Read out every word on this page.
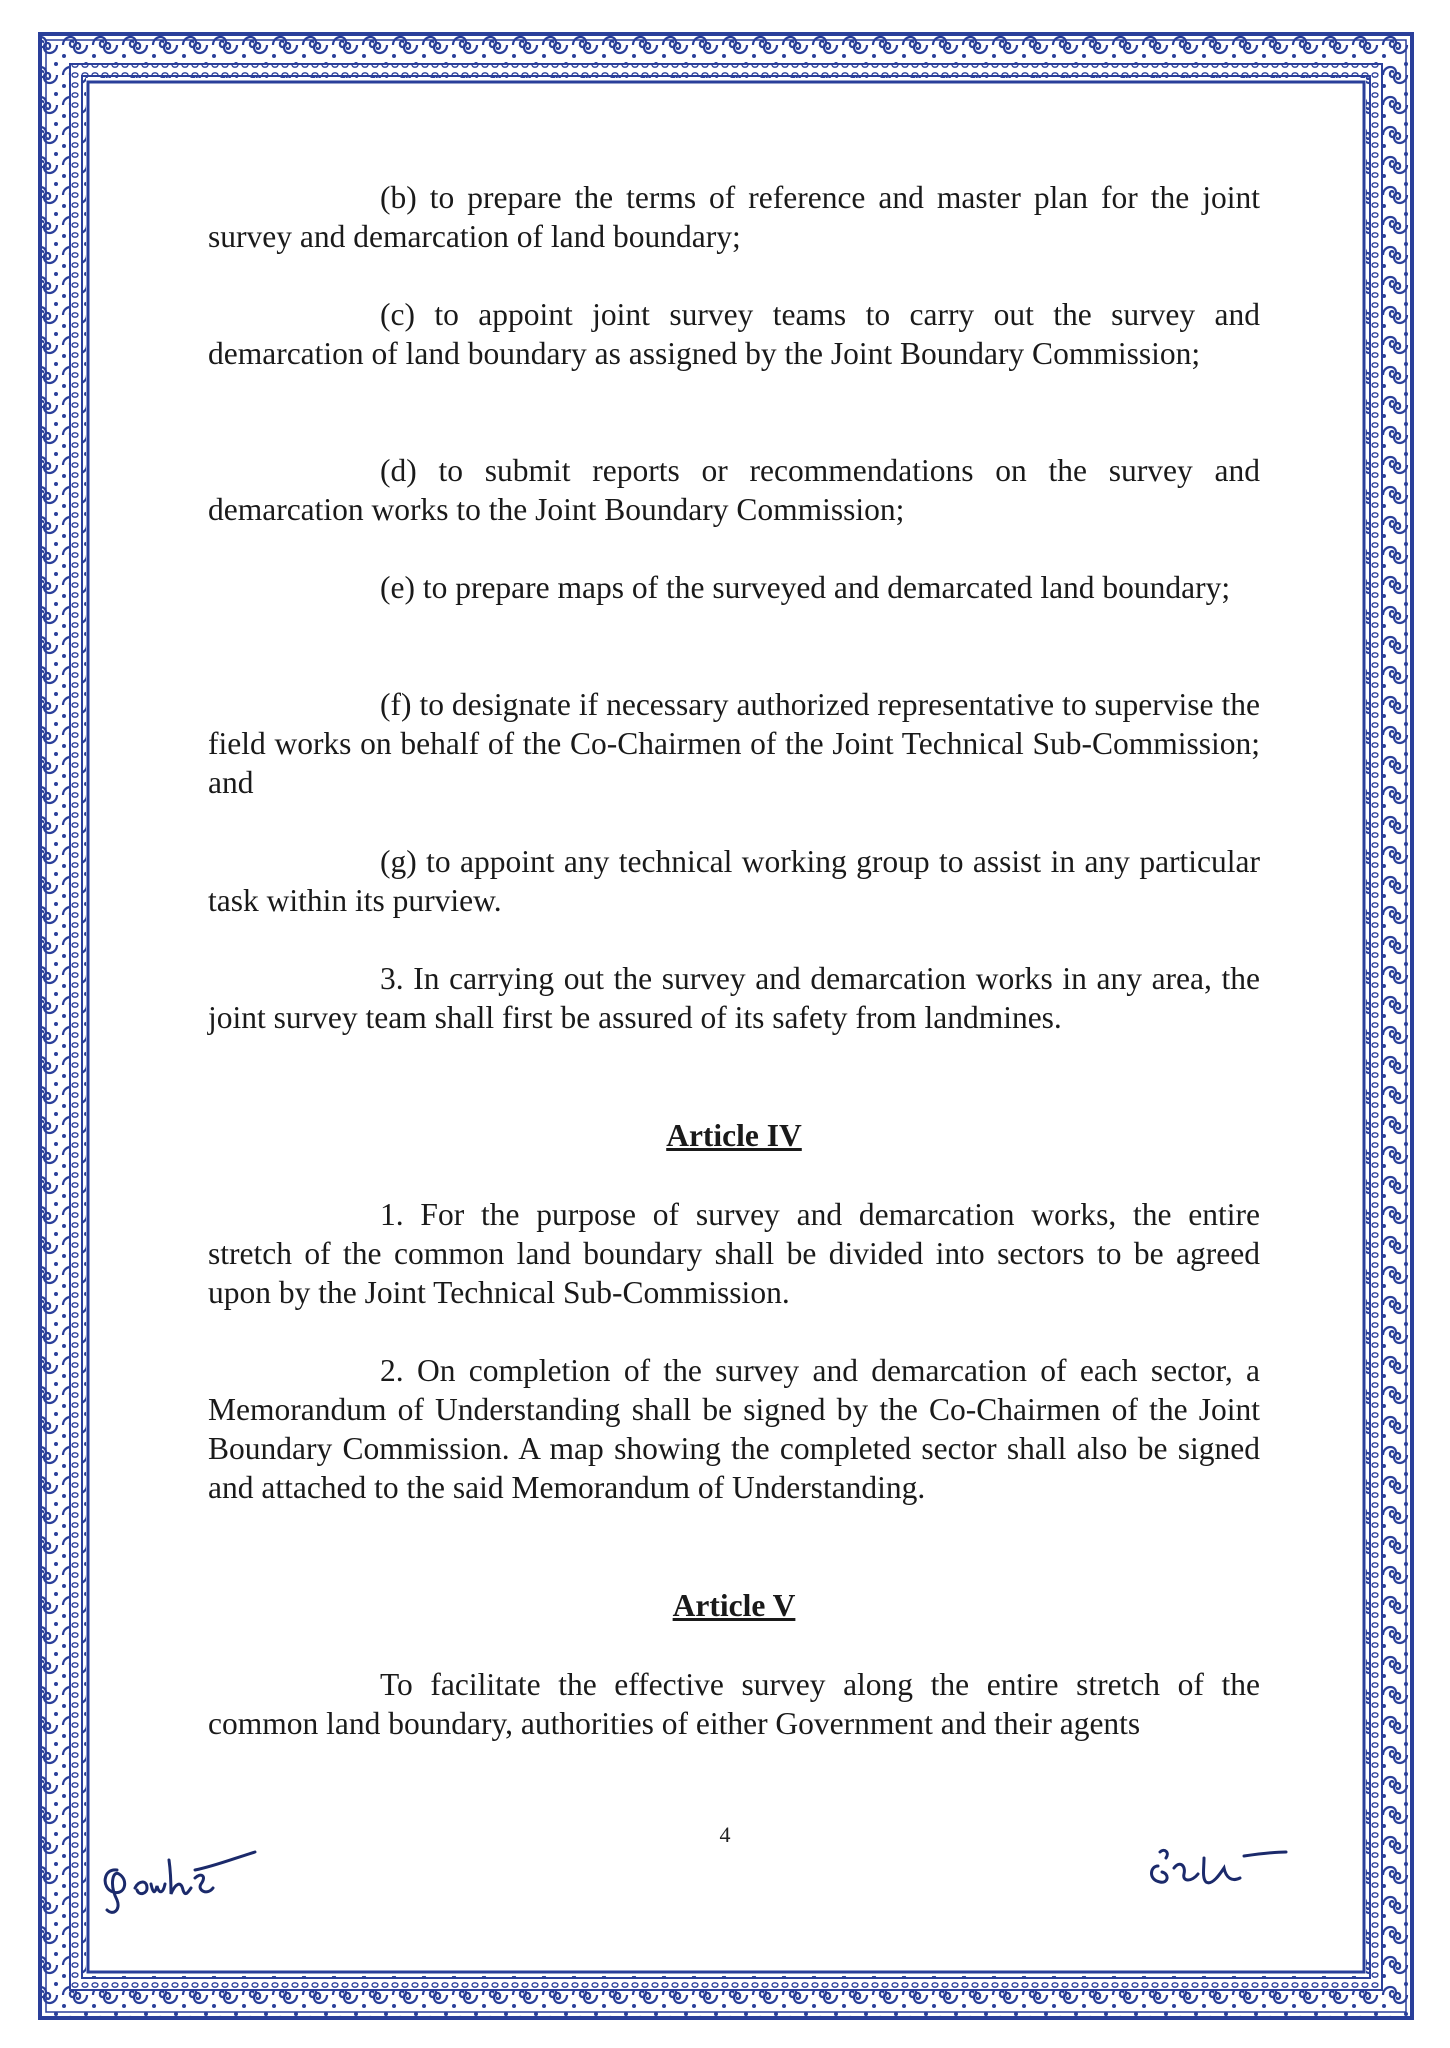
(b) to prepare the terms of reference and master plan for the joint survey and demarcation of land boundary;

(c) to appoint joint survey teams to carry out the survey and demarcation of land boundary as assigned by the Joint Boundary Commission;

(d) to submit reports or recommendations on the survey and demarcation works to the Joint Boundary Commission;

(e) to prepare maps of the surveyed and demarcated land boundary;

(f) to designate if necessary authorized representative to supervise the field works on behalf of the Co-Chairmen of the Joint Technical Sub-Commission; and

(g) to appoint any technical working group to assist in any particular task within its purview.

3. In carrying out the survey and demarcation works in any area, the joint survey team shall first be assured of its safety from landmines.

Article IV

1. For the purpose of survey and demarcation works, the entire stretch of the common land boundary shall be divided into sectors to be agreed upon by the Joint Technical Sub-Commission.

2. On completion of the survey and demarcation of each sector, a Memorandum of Understanding shall be signed by the Co-Chairmen of the Joint Boundary Commission. A map showing the completed sector shall also be signed and attached to the said Memorandum of Understanding.

Article V

To facilitate the effective survey along the entire stretch of the common land boundary, authorities of either Government and their agents

4
